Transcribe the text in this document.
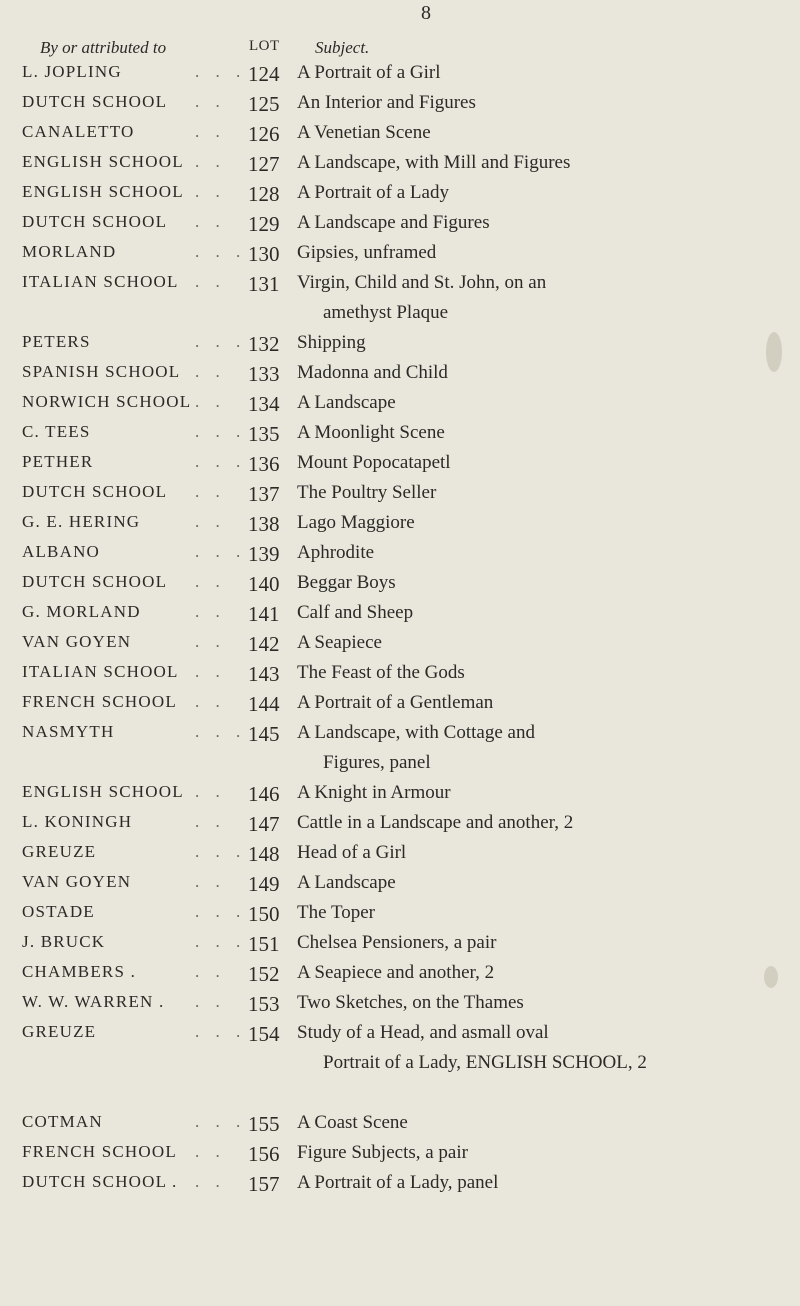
8
By or attributed to	LOT Subject.
L. JOPLING	. . . 124 A Portrait of a Girl
DUTCH SCHOOL . . 125 An Interior and Figures
CANALETTO	. . 126 A Venetian Scene
ENGLISH SCHOOL . . 127 A Landscape, with Mill and Figures
ENGLISH SCHOOL . . 128 A Portrait of a Lady
DUTCH SCHOOL . . 129 A Landscape and Figures
MORLAND	. . . 130 Gipsies, unframed
ITALIAN SCHOOL . . 131 Virgin, Child and St. John, on an
amethyst Plaque
PETERS	. . . 132 Shipping
SPANISH SCHOOL . . 133 Madonna and Child
NORWICH SCHOOL . . 134 A Landscape
C. TEES	. . . 135 A Moonlight Scene
PETHER	. . . 136 Mount Popocatapetl
DUTCH SCHOOL . . 137 The Poultry Seller
G. E. HERING	. . 138 Lago Maggiore
ALBANO	. . . 139 Aphrodite
DUTCH SCHOOL . . 140 Beggar Boys
G. MORLAND	. . 141 Calf and Sheep
VAN GOYEN	. . 142 A Seapiece
ITALIAN SCHOOL . . 143 The Feast of the Gods
FRENCH SCHOOL . . 144 A Portrait of a Gentleman
NASMYTH	. . . 145 A Landscape, with Cottage and
Figures, panel
ENGLISH SCHOOL . . 146 A Knight in Armour
L. KONINGH	. . 147 Cattle in a Landscape and another, 2
GREUZE	. . . 148 Head of a Girl
VAN GOYEN	. . 149 A Landscape
OSTADE	. . . 150 The Toper
J. BRUCK	. . . 151 Chelsea Pensioners, a pair
CHAMBERS .	. . 152 A Seapiece and another, 2
W. W. WARREN . . . 153 Two Sketches, on the Thames
GREUZE	. . . 154 Study of a Head, and asmall oval
Portrait of a Lady, ENGLISH SCHOOL, 2
COTMAN	. . . 155 A Coast Scene
FRENCH SCHOOL . . 156 Figure Subjects, a pair
DUTCH SCHOOL . . . 157 A Portrait of a Lady, panel
